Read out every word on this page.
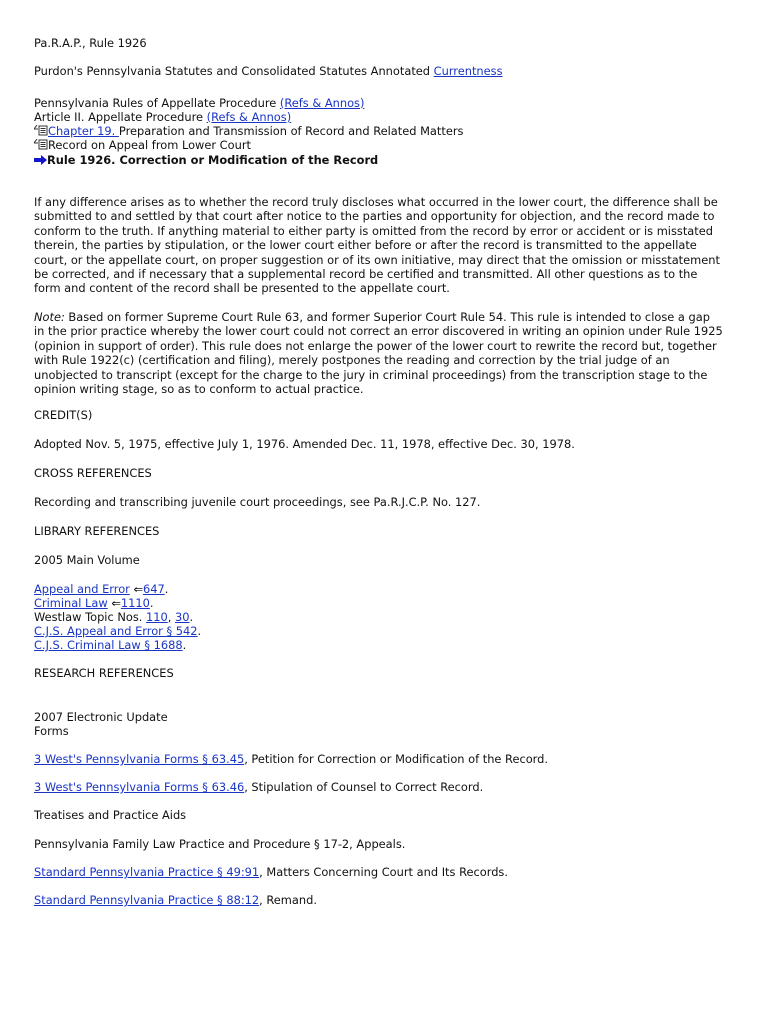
Pa.R.A.P., Rule 1926
Purdon's Pennsylvania Statutes and Consolidated Statutes Annotated Currentness
Pennsylvania Rules of Appellate Procedure (Refs & Annos)
Article II. Appellate Procedure (Refs & Annos)
Chapter 19. Preparation and Transmission of Record and Related Matters
Record on Appeal from Lower Court
Rule 1926. Correction or Modification of the Record
If any difference arises as to whether the record truly discloses what occurred in the lower court, the difference shall be
submitted to and settled by that court after notice to the parties and opportunity for objection, and the record made to
conform to the truth. If anything material to either party is omitted from the record by error or accident or is misstated
therein, the parties by stipulation, or the lower court either before or after the record is transmitted to the appellate
court, or the appellate court, on proper suggestion or of its own initiative, may direct that the omission or misstatement
be corrected, and if necessary that a supplemental record be certified and transmitted. All other questions as to the
form and content of the record shall be presented to the appellate court.
Note: Based on former Supreme Court Rule 63, and former Superior Court Rule 54. This rule is intended to close a gap
in the prior practice whereby the lower court could not correct an error discovered in writing an opinion under Rule 1925
(opinion in support of order). This rule does not enlarge the power of the lower court to rewrite the record but, together
with Rule 1922(c) (certification and filing), merely postpones the reading and correction by the trial judge of an
unobjected to transcript (except for the charge to the jury in criminal proceedings) from the transcription stage to the
opinion writing stage, so as to conform to actual practice.
CREDIT(S)
Adopted Nov. 5, 1975, effective July 1, 1976. Amended Dec. 11, 1978, effective Dec. 30, 1978.
CROSS REFERENCES
Recording and transcribing juvenile court proceedings, see Pa.R.J.C.P. No. 127.
LIBRARY REFERENCES
2005 Main Volume
Appeal and Error ⇐647.
Criminal Law ⇐1110.
Westlaw Topic Nos. 110, 30.
C.J.S. Appeal and Error § 542.
C.J.S. Criminal Law § 1688.
RESEARCH REFERENCES
2007 Electronic Update
Forms
3 West's Pennsylvania Forms § 63.45, Petition for Correction or Modification of the Record.
3 West's Pennsylvania Forms § 63.46, Stipulation of Counsel to Correct Record.
Treatises and Practice Aids
Pennsylvania Family Law Practice and Procedure § 17-2, Appeals.
Standard Pennsylvania Practice § 49:91, Matters Concerning Court and Its Records.
Standard Pennsylvania Practice § 88:12, Remand.
